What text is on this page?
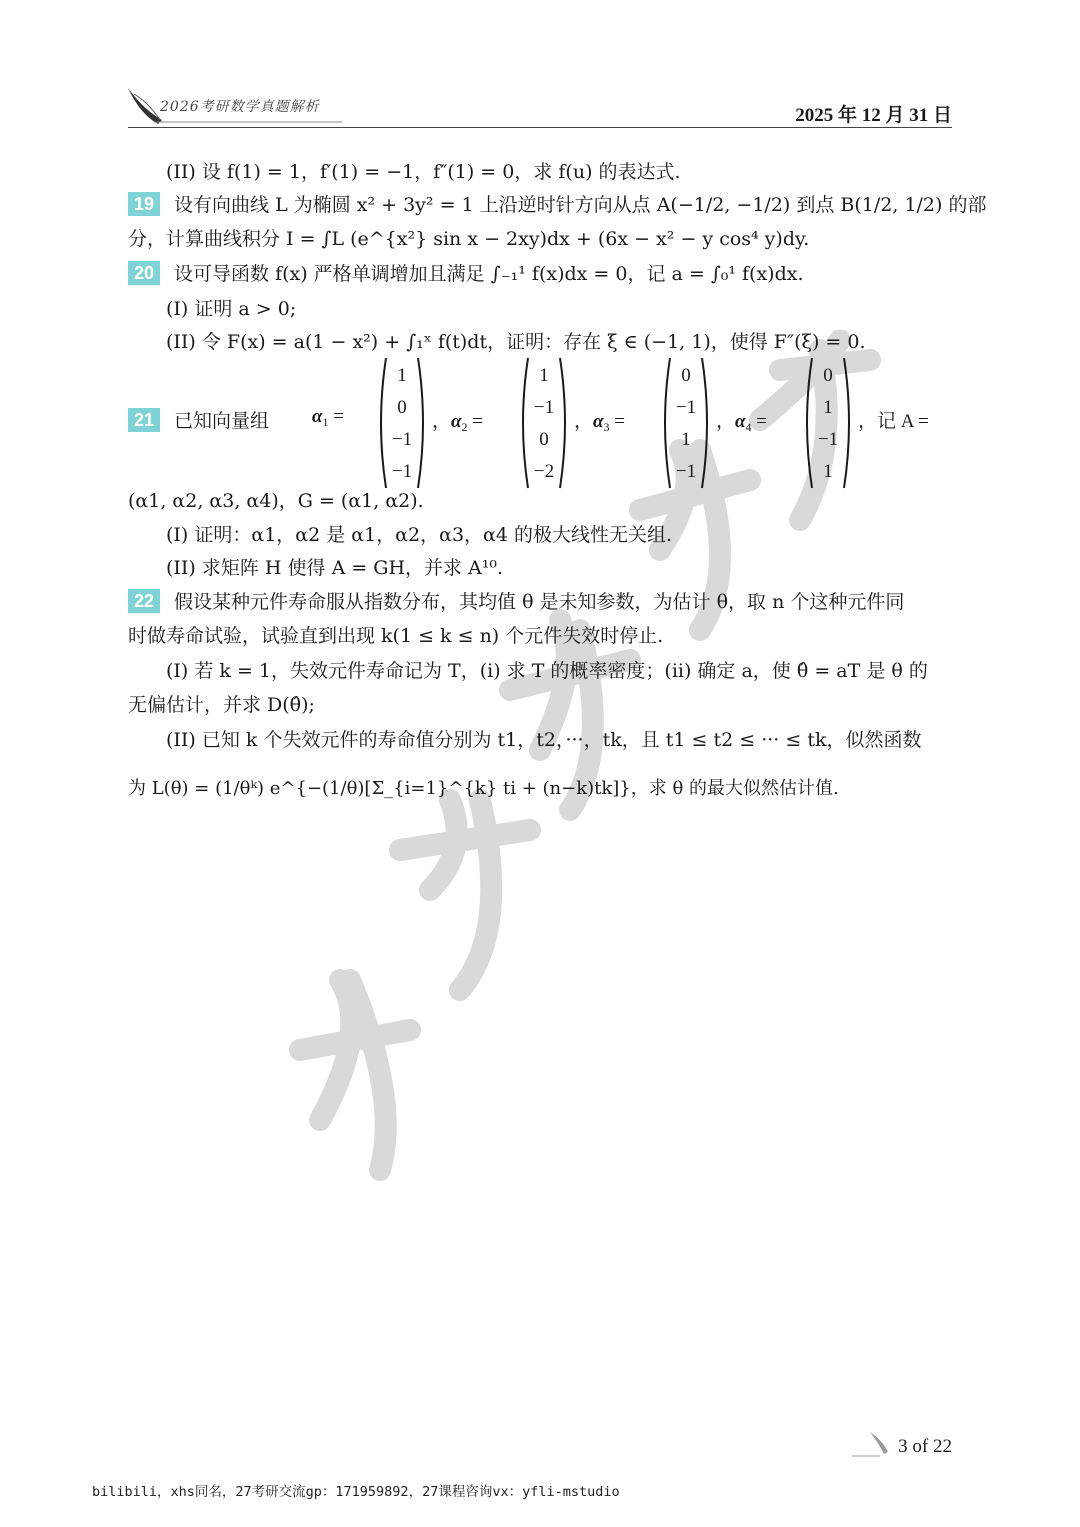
2026考研数学真题解析	2025 年 12 月 31 日
(II) 设 f(1) = 1，f′(1) = −1，f″(1) = 0，求 f(u) 的表达式.
19 设有向曲线 L 为椭圆 x² + 3y² = 1 上沿逆时针方向从点 A(−1/2, −1/2) 到点 B(1/2, 1/2) 的部
分，计算曲线积分 I = ∫L (e^{x²} sin x − 2xy)dx + (6x − x² − y cos⁴ y)dy.
20 设可导函数 f(x) 严格单调增加且满足 ∫₋₁¹ f(x)dx = 0，记 a = ∫₀¹ f(x)dx.
(I) 证明 a > 0;
(II) 令 F(x) = a(1 − x²) + ∫₁ˣ f(t)dt，证明：存在 ξ ∈ (−1, 1)，使得 F″(ξ) = 0.
21 已知向量组 $\alpha_1$ =
1
0
−1
−1
，$\alpha_2$ =
1
−1
0
−2
，$\alpha_3$ =
0
−1
1
−1
，$\alpha_4$ =
0
1
−1
1
，记 A =
(α1, α2, α3, α4)，G = (α1, α2).
(I) 证明：α1，α2 是 α1，α2，α3，α4 的极大线性无关组.
(II) 求矩阵 H 使得 A = GH，并求 A¹⁰.
22 假设某种元件寿命服从指数分布，其均值 θ 是未知参数，为估计 θ，取 n 个这种元件同
时做寿命试验，试验直到出现 k(1 ≤ k ≤ n) 个元件失效时停止.
(I) 若 k = 1，失效元件寿命记为 T，(i) 求 T 的概率密度；(ii) 确定 a，使 θ̂ = aT 是 θ 的
无偏估计，并求 D(θ̂);
(II) 已知 k 个失效元件的寿命值分别为 t1，t2，···，tk，且 t1 ≤ t2 ≤ ··· ≤ tk，似然函数
为 L(θ) = (1/θᵏ) e^{−(1/θ)[Σ_{i=1}^{k} ti + (n−k)tk]}，求 θ 的最大似然估计值.
3 of 22
bilibili，xhs同名，27考研交流gp：171959892，27课程咨询vx：yfli-mstudio
